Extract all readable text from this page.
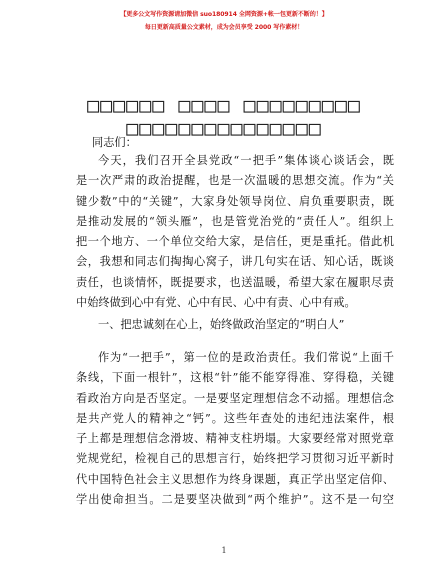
【更多公文写作资源请加微信 suo180914 全网资源+帐一包更新不断的！】
每日更新高质量公文素材，成为会员享受 2000 写作素材！
□□□□□□ □□□□ □□□□□□□□□
□□□□□□□□□□□□□□□
同志们：
今天，我们召开全县党政“一把手”集体谈心谈话会，既
是一次严肃的政治提醒，也是一次温暖的思想交流。作为“关
键少数”中的“关键”，大家身处领导岗位、肩负重要职责，既
是推动发展的“领头雁”，也是管党治党的“责任人”。组织上
把一个地方、一个单位交给大家，是信任，更是重托。借此机
会，我想和同志们掏掏心窝子，讲几句实在话、知心话，既谈
责任，也谈情怀，既提要求，也送温暖，希望大家在履职尽责
中始终做到心中有党、心中有民、心中有责、心中有戒。
一、把忠诚刻在心上，始终做政治坚定的“明白人”
作为“一把手”，第一位的是政治责任。我们常说“上面千
条线，下面一根针”，这根“针”能不能穿得准、穿得稳，关键
看政治方向是否坚定。一是要坚定理想信念不动摇。理想信念
是共产党人的精神之“钙”。这些年查处的违纪违法案件，根
子上都是理想信念滑坡、精神支柱坍塌。大家要经常对照党章
党规党纪，检视自己的思想言行，始终把学习贯彻习近平新时
代中国特色社会主义思想作为终身课题，真正学出坚定信仰、
学出使命担当。二是要坚决做到“两个维护”。这不是一句空
1
